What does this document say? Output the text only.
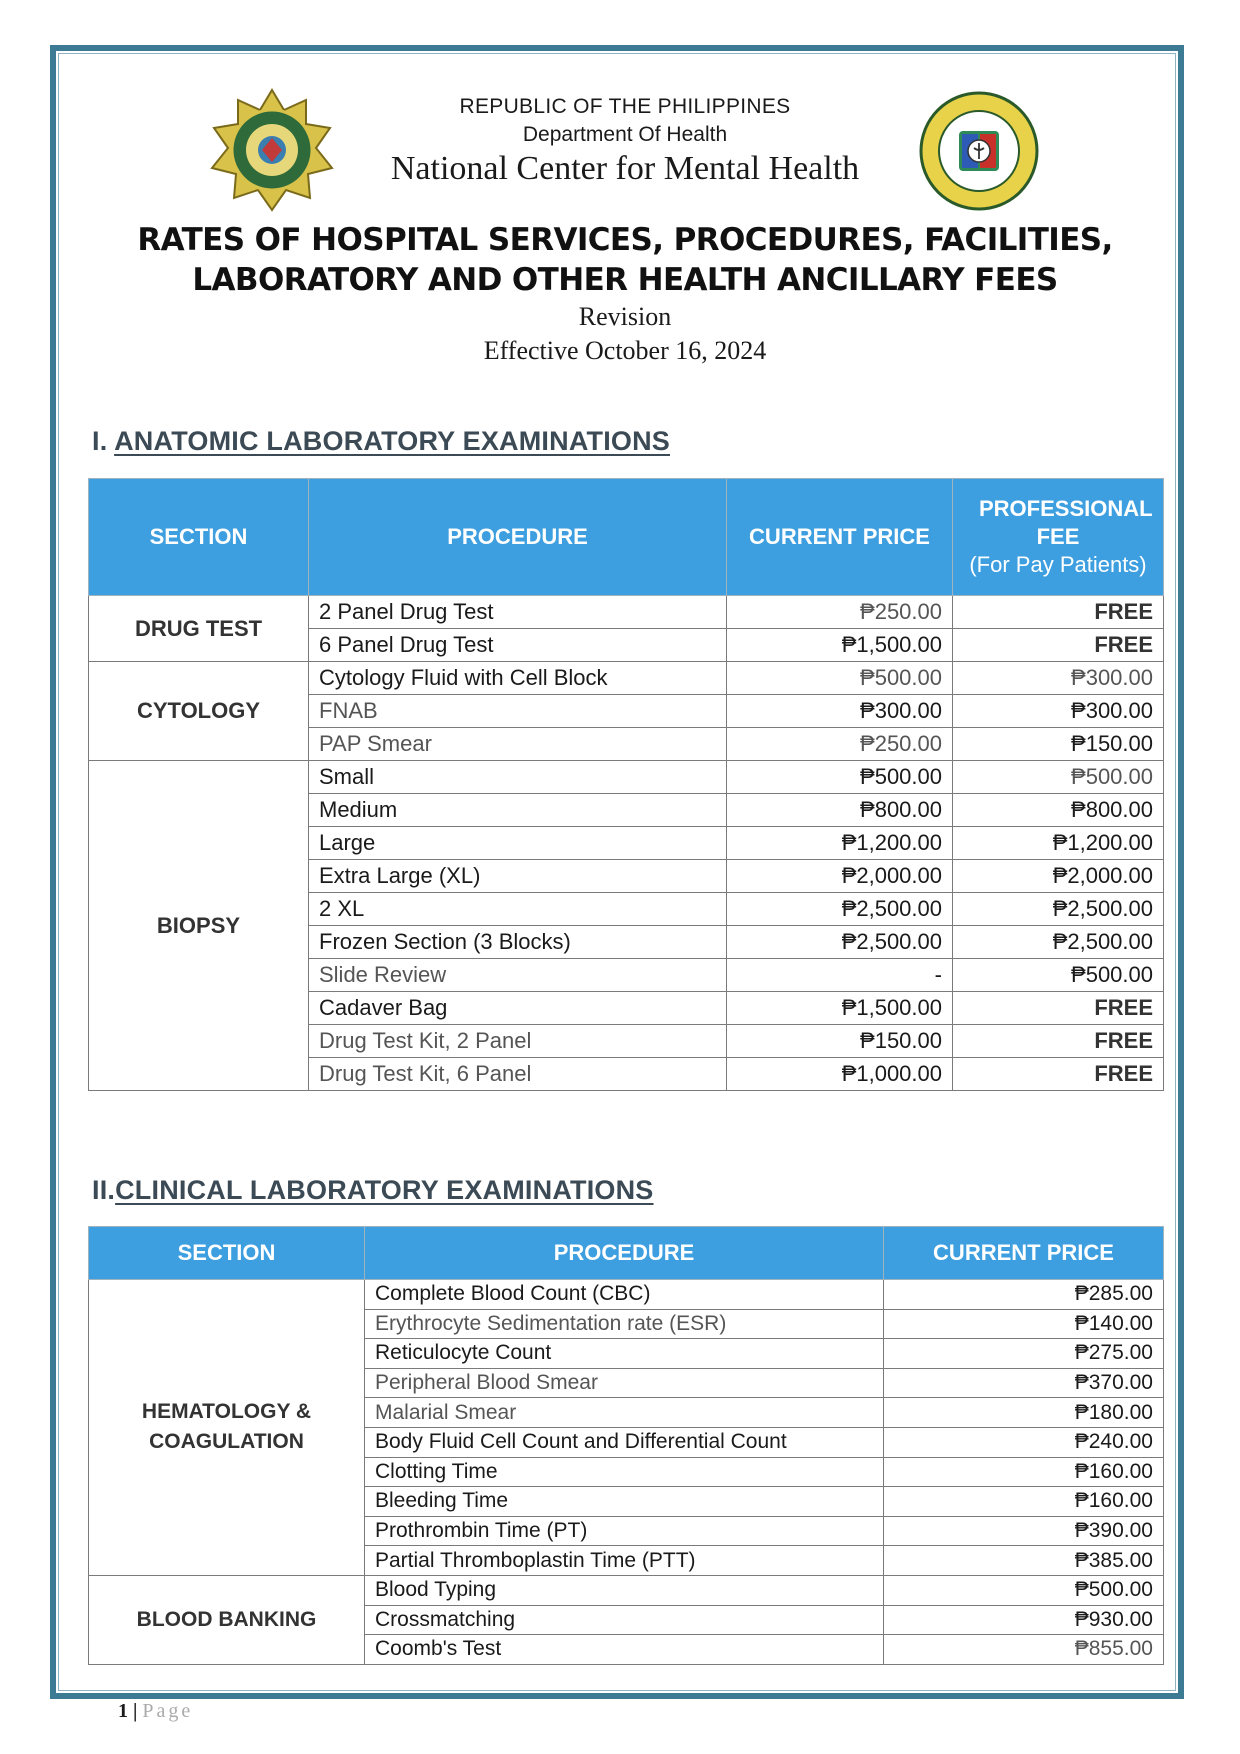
REPUBLIC OF THE PHILIPPINES
Department Of Health
National Center for Mental Health
RATES OF HOSPITAL SERVICES, PROCEDURES, FACILITIES,
LABORATORY AND OTHER HEALTH ANCILLARY FEES
Revision
Effective October 16, 2024
I. ANATOMIC LABORATORY EXAMINATIONS
SECTION	PROCEDURE	CURRENT PRICE	PROFESSIONAL FEE
(For Pay Patients)

DRUG TEST	2 Panel Drug Test	₱250.00	FREE
	6 Panel Drug Test	₱1,500.00	FREE
CYTOLOGY	Cytology Fluid with Cell Block	₱500.00	₱300.00
	FNAB	₱300.00	₱300.00
	PAP Smear	₱250.00	₱150.00
BIOPSY	Small	₱500.00	₱500.00
	Medium	₱800.00	₱800.00
	Large	₱1,200.00	₱1,200.00
	Extra Large (XL)	₱2,000.00	₱2,000.00
	2 XL	₱2,500.00	₱2,500.00
	Frozen Section (3 Blocks)	₱2,500.00	₱2,500.00
	Slide Review	-	₱500.00
	Cadaver Bag	₱1,500.00	FREE
	Drug Test Kit, 2 Panel	₱150.00	FREE
	Drug Test Kit, 6 Panel	₱1,000.00	FREE
II.CLINICAL LABORATORY EXAMINATIONS
SECTION	PROCEDURE	CURRENT PRICE

HEMATOLOGY &
COAGULATION	Complete Blood Count (CBC)	₱285.00
	Erythrocyte Sedimentation rate (ESR)	₱140.00
	Reticulocyte Count	₱275.00
	Peripheral Blood Smear	₱370.00
	Malarial Smear	₱180.00
	Body Fluid Cell Count and Differential Count	₱240.00
	Clotting Time	₱160.00
	Bleeding Time	₱160.00
	Prothrombin Time (PT)	₱390.00
	Partial Thromboplastin Time (PTT)	₱385.00
BLOOD BANKING	Blood Typing	₱500.00
	Crossmatching	₱930.00
	Coomb's Test	₱855.00
1 | Page
